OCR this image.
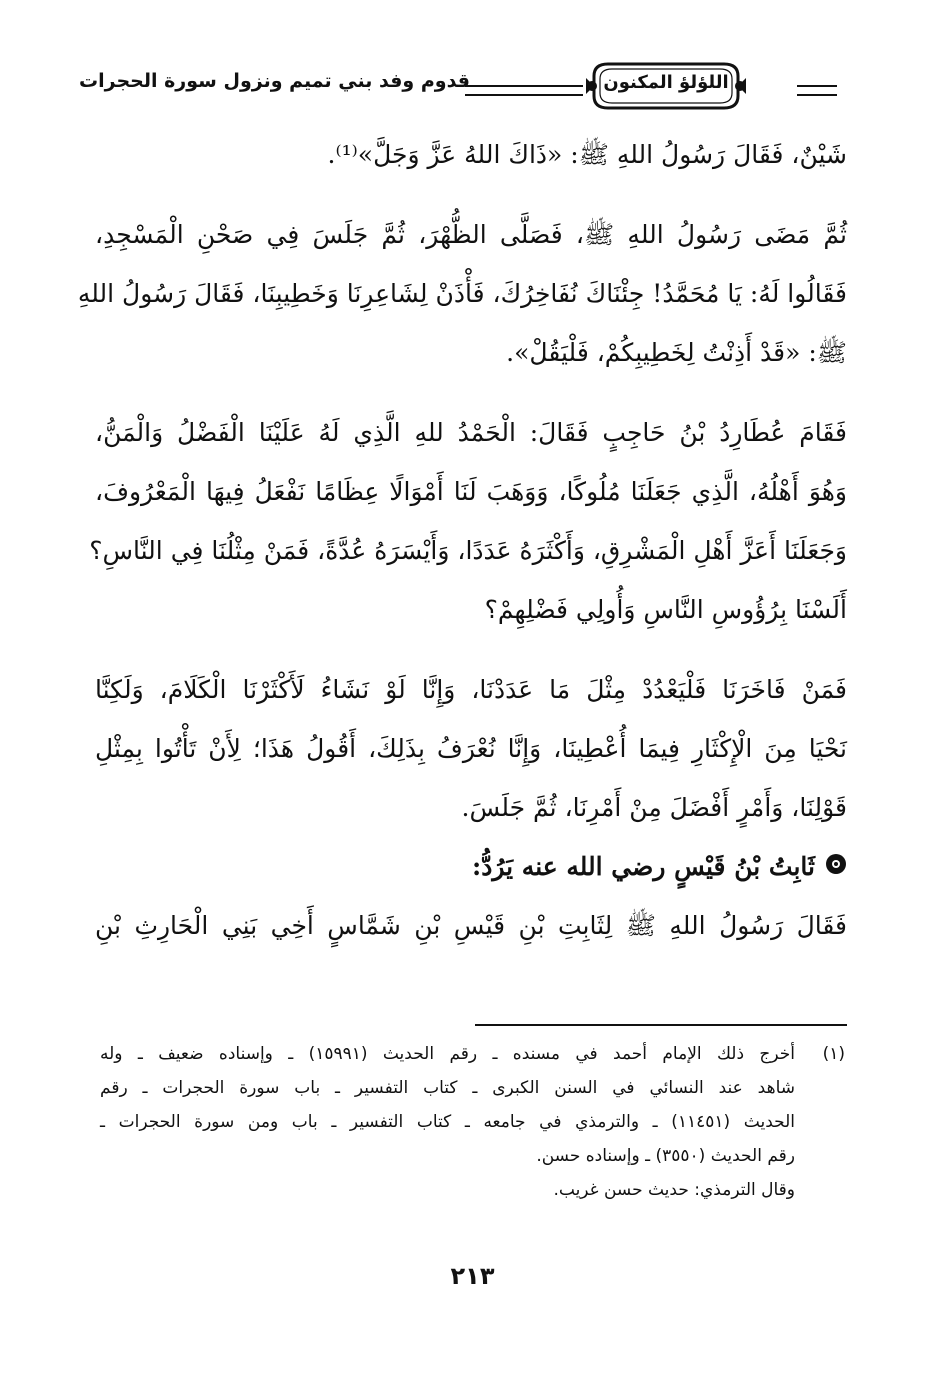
اللؤلؤ المكنون
قدوم وفد بني تميم ونزول سورة الحجرات
شَيْنٌ، فَقَالَ رَسُولُ اللهِ ﷺ: «ذَاكَ اللهُ عَزَّ وَجَلَّ»⁽¹⁾.
ثُمَّ مَضَى رَسُولُ اللهِ ﷺ، فَصَلَّى الظُّهْرَ، ثُمَّ جَلَسَ فِي صَحْنِ الْمَسْجِدِ،
فَقَالُوا لَهُ: يَا مُحَمَّدُ! جِئْنَاكَ نُفَاخِرُكَ، فَأْذَنْ لِشَاعِرِنَا وَخَطِيبِنَا، فَقَالَ رَسُولُ اللهِ
ﷺ: «قَدْ أَذِنْتُ لِخَطِيبِكُمْ، فَلْيَقُلْ».
فَقَامَ عُطَارِدُ بْنُ حَاجِبٍ فَقَالَ: الْحَمْدُ للهِ الَّذِي لَهُ عَلَيْنَا الْفَضْلُ وَالْمَنُّ،
وَهُوَ أَهْلُهُ، الَّذِي جَعَلَنَا مُلُوكًا، وَوَهَبَ لَنَا أَمْوَالًا عِظَامًا نَفْعَلُ فِيهَا الْمَعْرُوفَ،
وَجَعَلَنَا أَعَزَّ أَهْلِ الْمَشْرِقِ، وَأَكْثَرَهُ عَدَدًا، وَأَيْسَرَهُ عُدَّةً، فَمَنْ مِثْلُنَا فِي النَّاسِ؟
أَلَسْنَا بِرُؤُوسِ النَّاسِ وَأُولِي فَضْلِهِمْ؟
فَمَنْ فَاخَرَنَا فَلْيَعْدُدْ مِثْلَ مَا عَدَدْنَا، وَإِنَّا لَوْ نَشَاءُ لَأَكْثَرْنَا الْكَلَامَ، وَلَكِنَّا
نَحْيَا مِنَ الْإِكْثَارِ فِيمَا أُعْطِينَا، وَإِنَّا نُعْرَفُ بِذَلِكَ، أَقُولُ هَذَا؛ لِأَنْ تَأْتُوا بِمِثْلِ
قَوْلِنَا، وَأَمْرٍ أَفْضَلَ مِنْ أَمْرِنَا، ثُمَّ جَلَسَ.
ثَابِتُ بْنُ قَيْسٍ رضي الله عنه يَرُدُّ:
فَقَالَ رَسُولُ اللهِ ﷺ لِثَابِتِ بْنِ قَيْسِ بْنِ شَمَّاسٍ أَخِي بَنِي الْحَارِثِ بْنِ
(١)أخرج ذلك الإمام أحمد في مسنده ـ رقم الحديث (١٥٩٩١) ـ وإسناده ضعيف ـ وله
شاهد عند النسائي في السنن الكبرى ـ كتاب التفسير ـ باب سورة الحجرات ـ رقم
الحديث (١١٤٥١) ـ والترمذي في جامعه ـ كتاب التفسير ـ باب ومن سورة الحجرات ـ
رقم الحديث (٣٥٥٠) ـ وإسناده حسن.
وقال الترمذي: حديث حسن غريب.
٢١٣
